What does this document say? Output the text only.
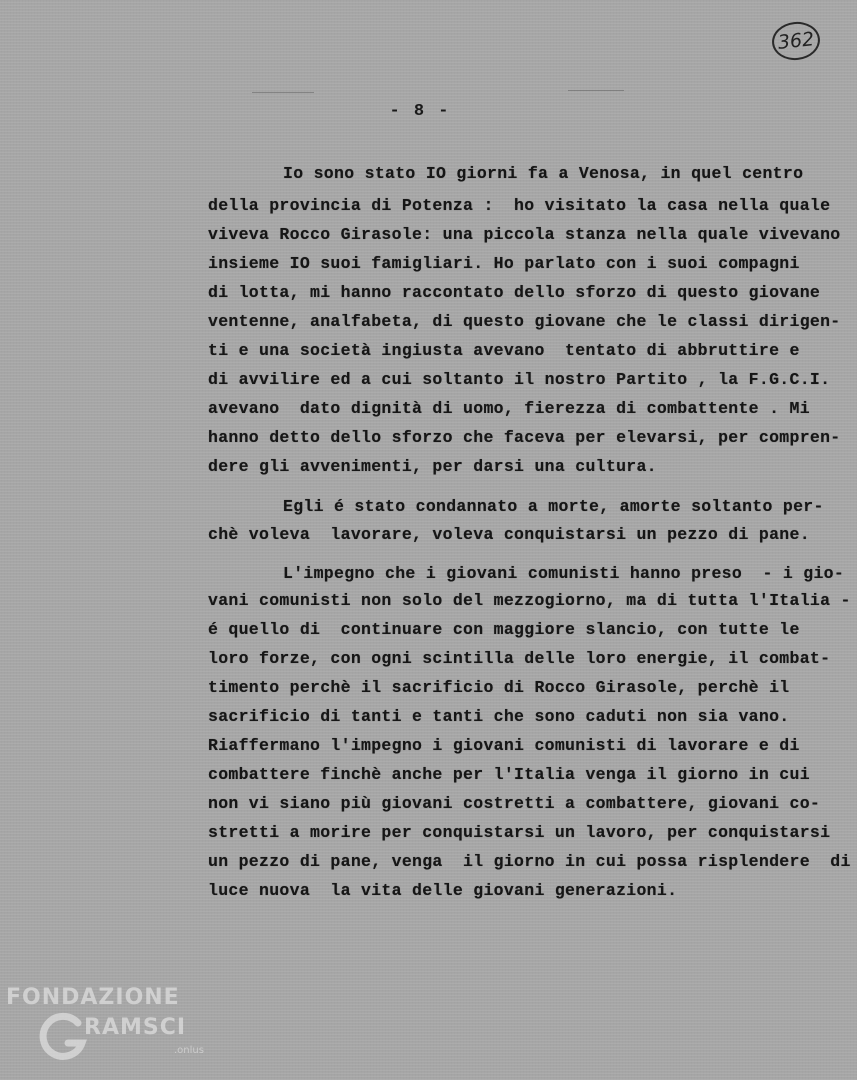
362
- 8 -
Io sono stato IO giorni fa a Venosa, in quel centro
della provincia di Potenza :  ho visitato la casa nella quale
viveva Rocco Girasole: una piccola stanza nella quale vivevano
insieme IO suoi famigliari. Ho parlato con i suoi compagni
di lotta, mi hanno raccontato dello sforzo di questo giovane
ventenne, analfabeta, di questo giovane che le classi dirigen-
ti e una società ingiusta avevano  tentato di abbruttire e
di avvilire ed a cui soltanto il nostro Partito , la F.G.C.I.
avevano  dato dignità di uomo, fierezza di combattente . Mi
hanno detto dello sforzo che faceva per elevarsi, per compren-
dere gli avvenimenti, per darsi una cultura.
Egli é stato condannato a morte, amorte soltanto per-
chè voleva  lavorare, voleva conquistarsi un pezzo di pane.
L'impegno che i giovani comunisti hanno preso  - i gio-
vani comunisti non solo del mezzogiorno, ma di tutta l'Italia -
é quello di  continuare con maggiore slancio, con tutte le
loro forze, con ogni scintilla delle loro energie, il combat-
timento perchè il sacrificio di Rocco Girasole, perchè il
sacrificio di tanti e tanti che sono caduti non sia vano.
Riaffermano l'impegno i giovani comunisti di lavorare e di
combattere finchè anche per l'Italia venga il giorno in cui
non vi siano più giovani costretti a combattere, giovani co-
stretti a morire per conquistarsi un lavoro, per conquistarsi
un pezzo di pane, venga  il giorno in cui possa risplendere  di
luce nuova  la vita delle giovani generazioni.
FONDAZIONE
RAMSCI
.onlus
